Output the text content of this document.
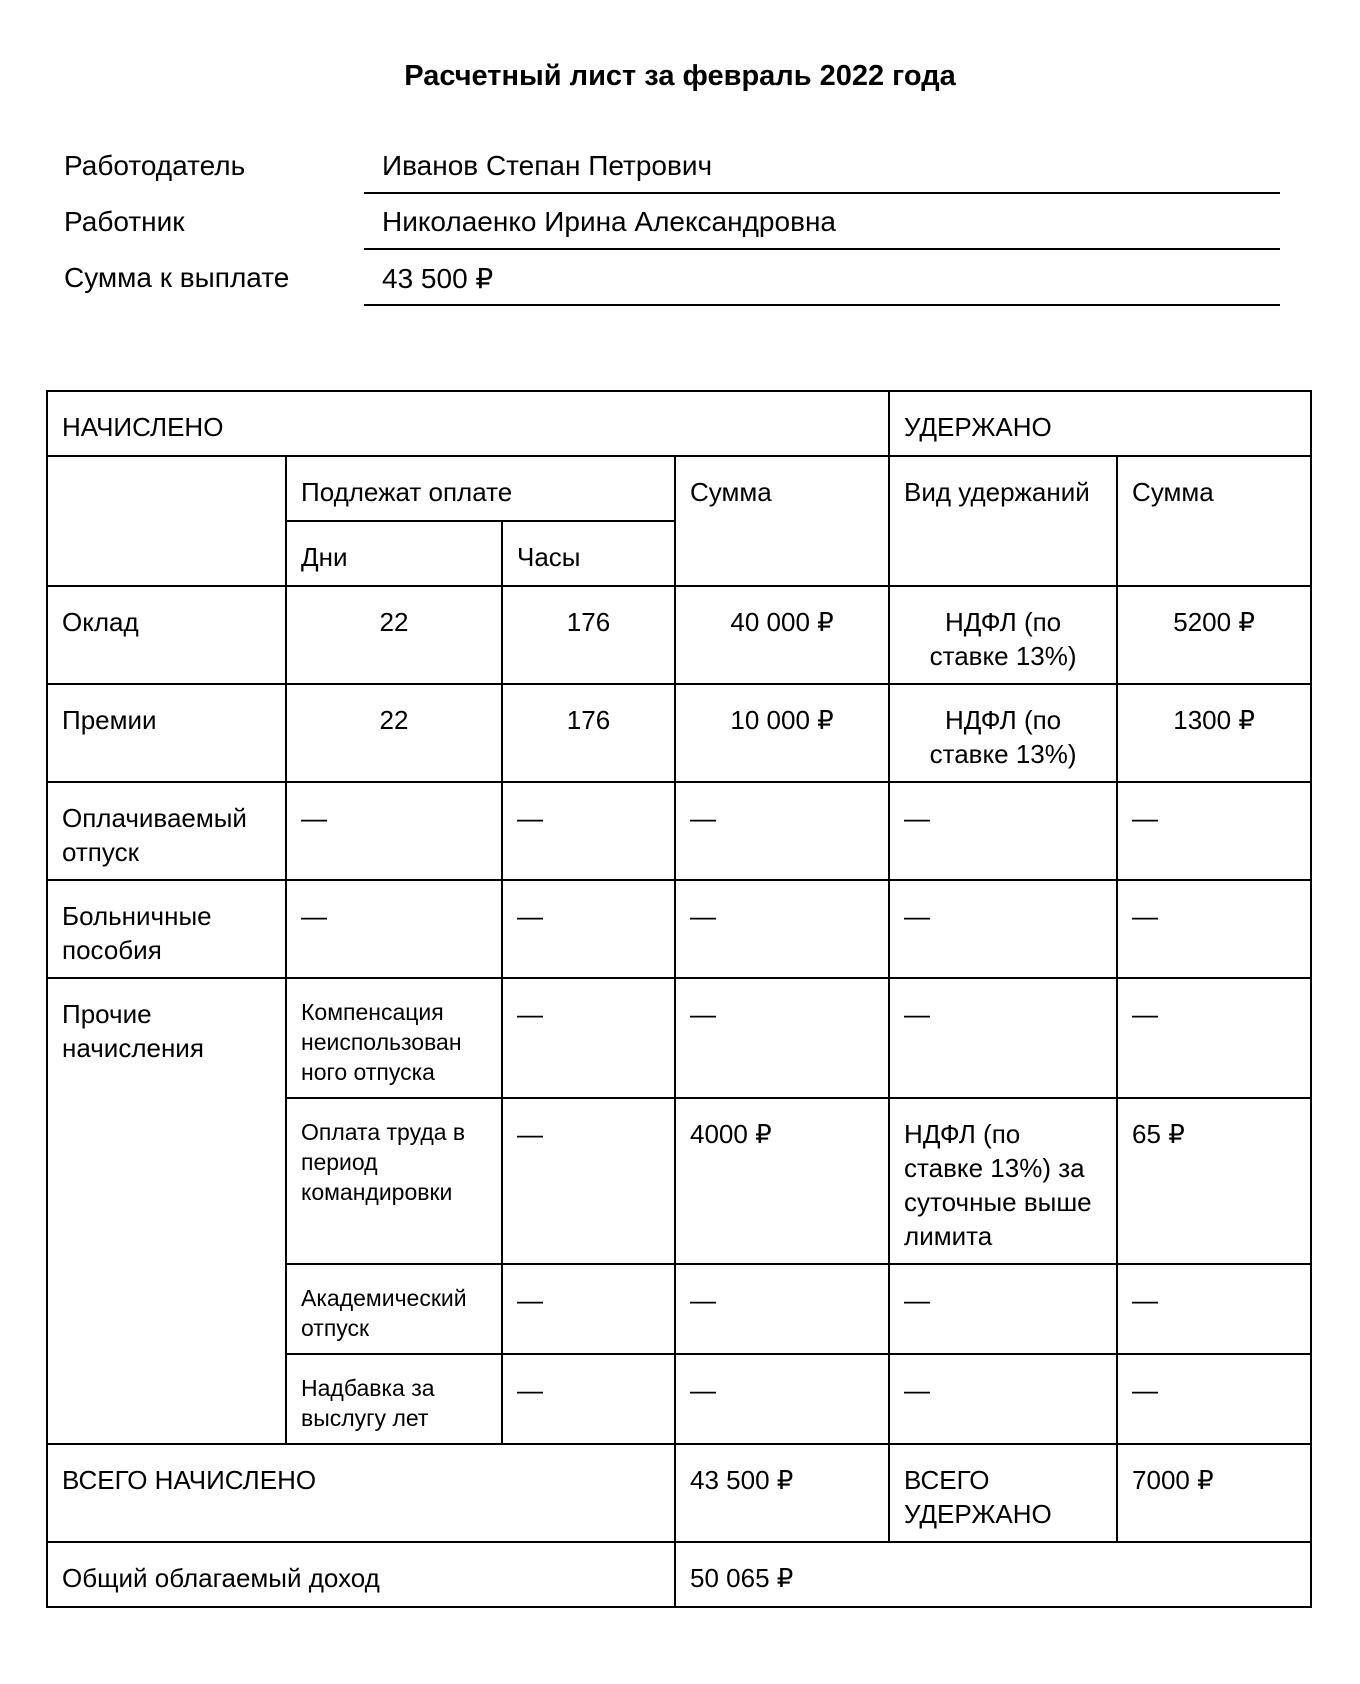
Расчетный лист за февраль 2022 года
Работодатель	Иванов Степан Петрович
Работник	Николаенко Ирина Александровна
Сумма к выплате	43 500 ₽
НАЧИСЛЕНО				УДЕРЖАНО	
	Подлежат оплате		Сумма	Вид удержаний	Сумма
	Дни	Часы			
Оклад	22	176	40 000 ₽	НДФЛ (по ставке 13%)	5200 ₽
Премии	22	176	10 000 ₽	НДФЛ (по ставке 13%)	1300 ₽
Оплачиваемый отпуск	—	—	—	—	—
Больничные пособия	—	—	—	—	—
Прочие начисления	Компенсация неиспользован ного отпуска	—	—	—	—
	Оплата труда в период командировки	—	4000 ₽	НДФЛ (по ставке 13%) за суточные выше лимита	65 ₽
	Академический отпуск	—	—	—	—
	Надбавка за выслугу лет	—	—	—	—
ВСЕГО НАЧИСЛЕНО			43 500 ₽	ВСЕГО УДЕРЖАНО	7000 ₽
Общий облагаемый доход			50 065 ₽		
